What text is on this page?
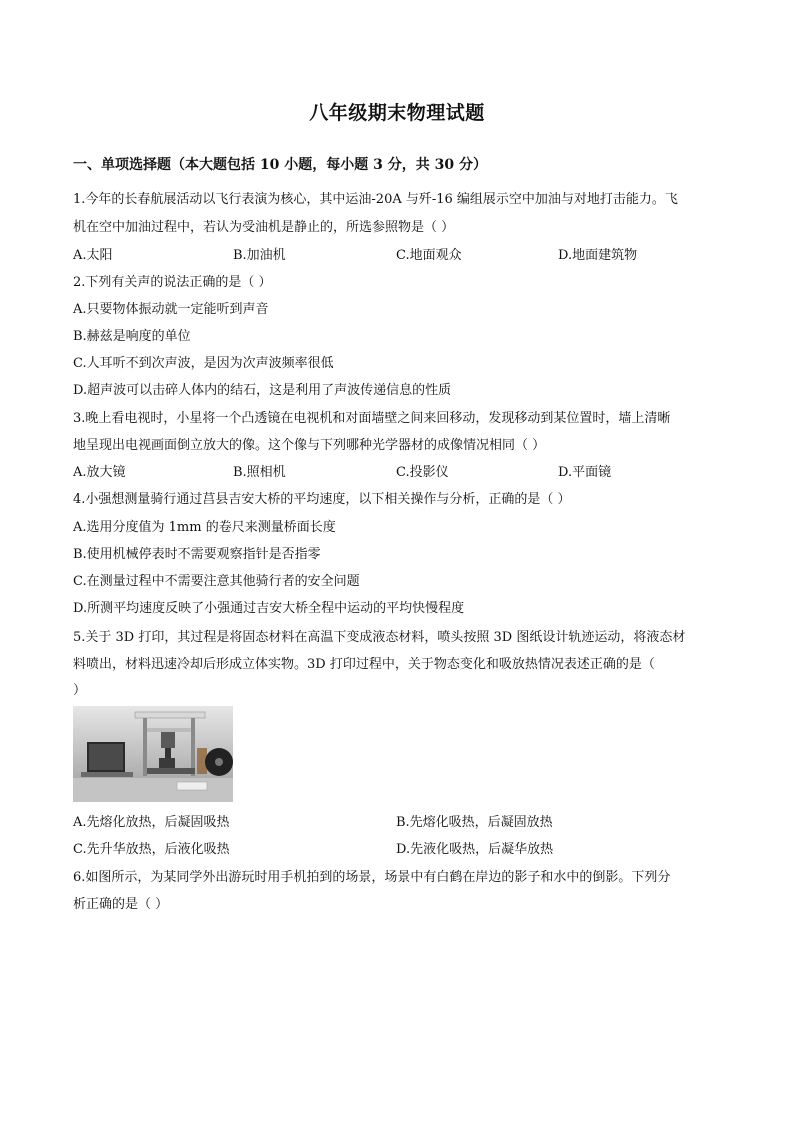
八年级期末物理试题
一、单项选择题（本大题包括 10 小题，每小题 3 分，共 30 分）
1.今年的长春航展活动以飞行表演为核心，其中运油-20A 与歼-16 编组展示空中加油与对地打击能力。飞
机在空中加油过程中，若认为受油机是静止的，所选参照物是（ ）
A.太阳	B.加油机	C.地面观众	D.地面建筑物
2.下列有关声的说法正确的是（ ）
A.只要物体振动就一定能听到声音
B.赫兹是响度的单位
C.人耳听不到次声波，是因为次声波频率很低
D.超声波可以击碎人体内的结石，这是利用了声波传递信息的性质
3.晚上看电视时，小星将一个凸透镜在电视机和对面墙壁之间来回移动，发现移动到某位置时，墙上清晰
地呈现出电视画面倒立放大的像。这个像与下列哪种光学器材的成像情况相同（ ）
A.放大镜	B.照相机	C.投影仪	D.平面镜
4.小强想测量骑行通过莒县吉安大桥的平均速度，以下相关操作与分析，正确的是（ ）
A.选用分度值为 1mm 的卷尺来测量桥面长度
B.使用机械停表时不需要观察指针是否指零
C.在测量过程中不需要注意其他骑行者的安全问题
D.所测平均速度反映了小强通过吉安大桥全程中运动的平均快慢程度
5.关于 3D 打印，其过程是将固态材料在高温下变成液态材料，喷头按照 3D 图纸设计轨迹运动，将液态材
料喷出，材料迅速冷却后形成立体实物。3D 打印过程中，关于物态变化和吸放热情况表述正确的是（
）
A.先熔化放热，后凝固吸热	B.先熔化吸热，后凝固放热
C.先升华放热，后液化吸热	D.先液化吸热，后凝华放热
6.如图所示，为某同学外出游玩时用手机拍到的场景，场景中有白鹤在岸边的影子和水中的倒影。下列分
析正确的是（ ）
